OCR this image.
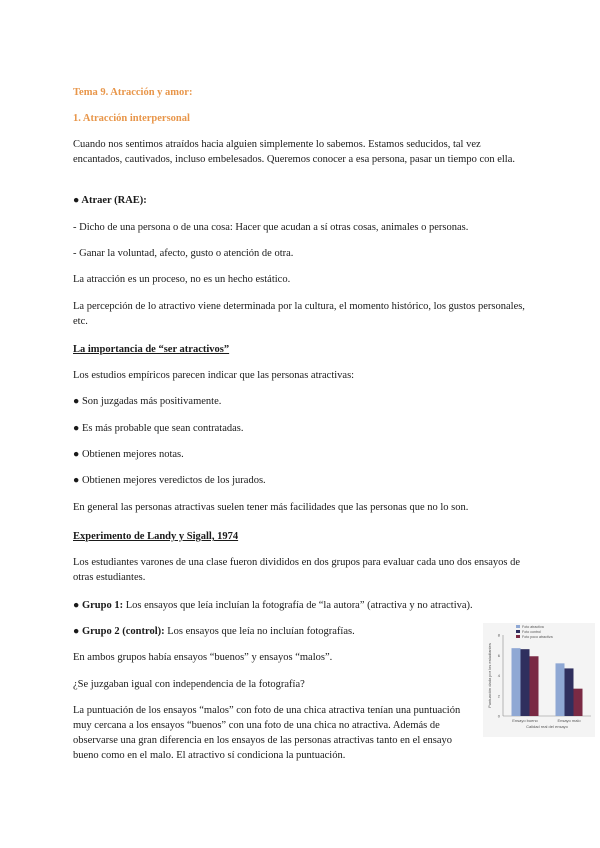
Tema 9. Atracción y amor:

1. Atracción interpersonal

Cuando nos sentimos atraídos hacia alguien simplemente lo sabemos. Estamos seducidos, tal vez encantados, cautivados, incluso embelesados. Queremos conocer a esa persona, pasar un tiempo con ella.

● Atraer (RAE):

- Dicho de una persona o de una cosa: Hacer que acudan a sí otras cosas, animales o personas.

- Ganar la voluntad, afecto, gusto o atención de otra.

La atracción es un proceso, no es un hecho estático.

La percepción de lo atractivo viene determinada por la cultura, el momento histórico, los gustos personales, etc.

La importancia de “ser atractivos”

Los estudios empíricos parecen indicar que las personas atractivas:

● Son juzgadas más positivamente.

● Es más probable que sean contratadas.

● Obtienen mejores notas.

● Obtienen mejores veredictos de los jurados.

En general las personas atractivas suelen tener más facilidades que las personas que no lo son.

Experimento de Landy y Sigall, 1974

Los estudiantes varones de una clase fueron divididos en dos grupos para evaluar cada uno dos ensayos de otras estudiantes.

● Grupo 1: Los ensayos que leía incluían la fotografía de “la autora” (atractiva y no atractiva).

● Grupo 2 (control): Los ensayos que leía no incluían fotografías.

En ambos grupos había ensayos “buenos” y ensayos “malos”.

¿Se juzgaban igual con independencia de la fotografía?

La puntuación de los ensayos “malos” con foto de una chica atractiva tenían una puntuación muy cercana a los ensayos “buenos” con una foto de una chica no atractiva. Además de observarse una gran diferencia en los ensayos de las personas atractivas tanto en el ensayo bueno como en el malo. El atractivo sí condiciona la puntuación.

0
2
4
6
8
Puntuación dada por los estudiantes
Ensayo bueno	Ensayo malo
Calidad real del ensayo
Foto atractiva
Foto control
Foto poco atractiva
